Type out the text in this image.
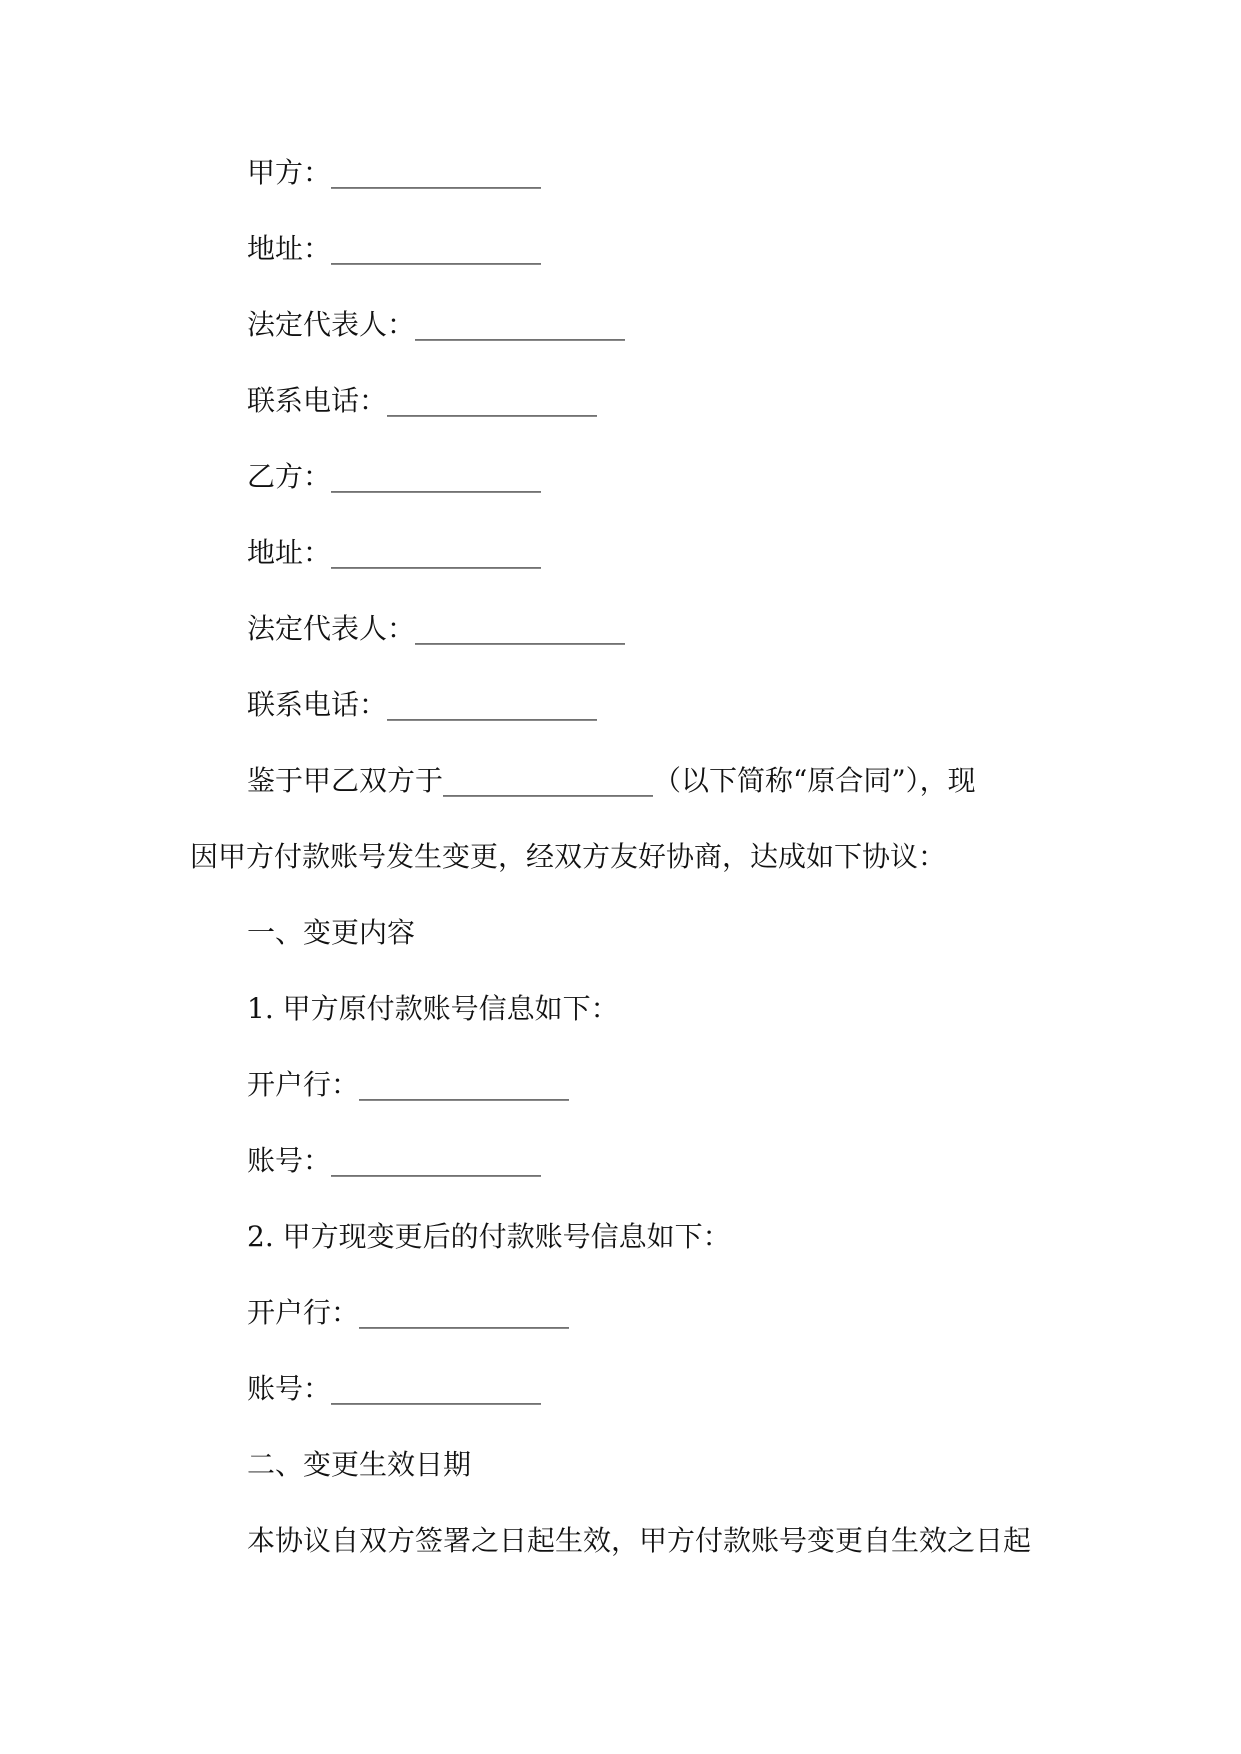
甲方：_______________
地址：_______________
法定代表人：_______________
联系电话：_______________
乙方：_______________
地址：_______________
法定代表人：_______________
联系电话：_______________
鉴于甲乙双方于_______________（以下简称“原合同”），现
因甲方付款账号发生变更，经双方友好协商，达成如下协议：
一、变更内容
1. 甲方原付款账号信息如下：
开户行：_______________
账号：_______________
2. 甲方现变更后的付款账号信息如下：
开户行：_______________
账号：_______________
二、变更生效日期
本协议自双方签署之日起生效，甲方付款账号变更自生效之日起
